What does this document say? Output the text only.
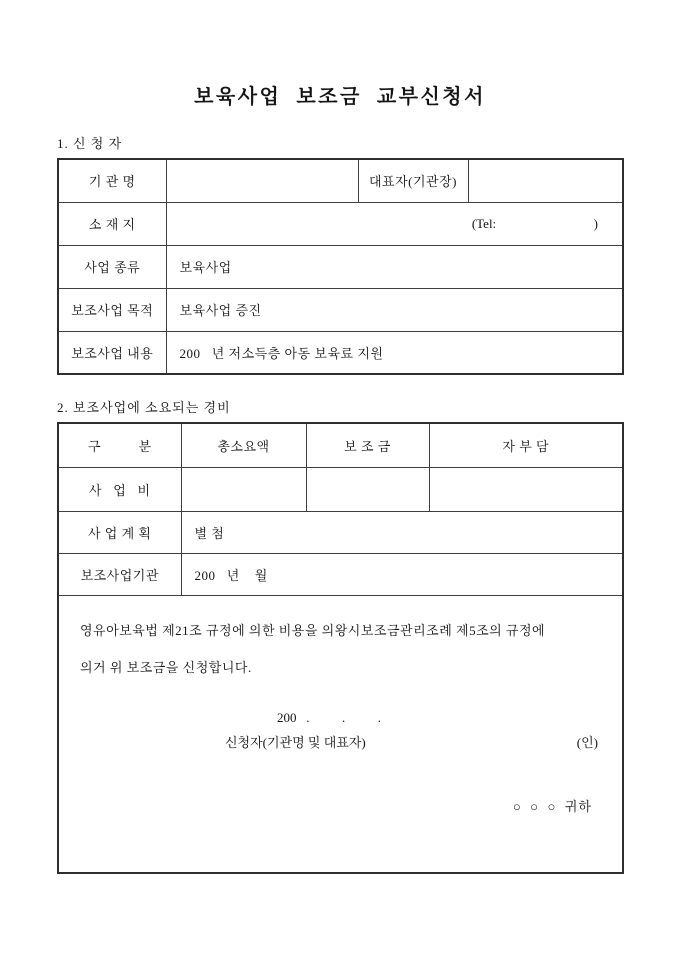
보육사업  보조금  교부신청서
1. 신 청 자
기 관 명		대표자(기관장)	
소 재 지	(Tel:                              )		
사업 종류	보육사업		
보조사업 목적	보육사업 증진		
보조사업 내용	200   년 저소득층 아동 보육료 지원		
2. 보조사업에 소요되는 경비
구          분	총소요액	보 조 금	자 부 담
사   업   비			
사 업 계 획	별 첨		
보조사업기관	200   년    월		

영유아보육법 제21조 규정에 의한 비용을 의왕시보조금관리조례 제5조의 규정에
의거 위 보조금을 신청합니다.
200   .          .          .
신청자(기관명 및 대표자)	(인)
○  ○  ○  귀하
